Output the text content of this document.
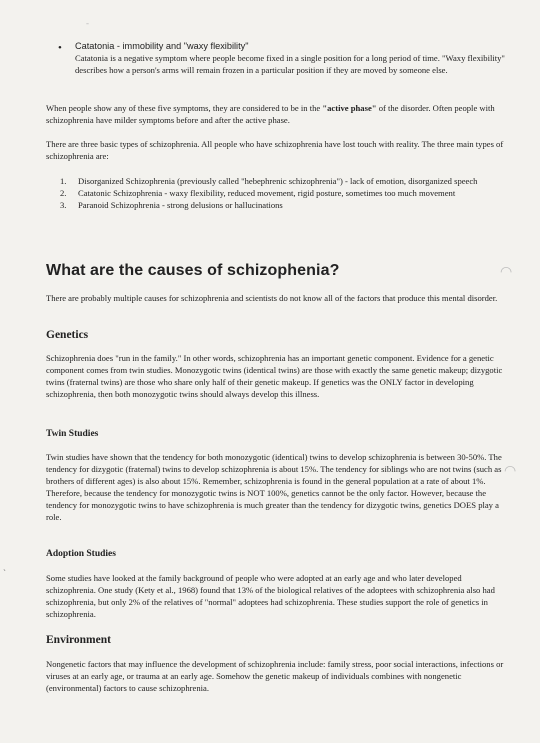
-
• Catatonia - immobility and "waxy flexibility"
Catatonia is a negative symptom where people become fixed in a single position for a long period of time. "Waxy flexibility" describes how a person's arms will remain frozen in a particular position if they are moved by someone else.

When people show any of these five symptoms, they are considered to be in the "active phase" of the disorder. Often people with schizophrenia have milder symptoms before and after the active phase.

There are three basic types of schizophrenia. All people who have schizophrenia have lost touch with reality. The three main types of schizophrenia are:

1. Disorganized Schizophrenia (previously called "hebephrenic schizophrenia") - lack of emotion, disorganized speech
2. Catatonic Schizophrenia - waxy flexibility, reduced movement, rigid posture, sometimes too much movement
3. Paranoid Schizophrenia - strong delusions or hallucinations
What are the causes of schizophenia?	◠

There are probably multiple causes for schizophrenia and scientists do not know all of the factors that produce this mental disorder.

Genetics

Schizophrenia does "run in the family." In other words, schizophrenia has an important genetic component. Evidence for a genetic component comes from twin studies. Monozygotic twins (identical twins) are those with exactly the same genetic makeup; dizygotic twins (fraternal twins) are those who share only half of their genetic makeup. If genetics was the ONLY factor in developing schizophrenia, then both monozygotic twins should always develop this illness.

Twin Studies

Twin studies have shown that the tendency for both monozygotic (identical) twins to develop schizophrenia is between 30-50%. The tendency for dizygotic (fraternal) twins to develop schizophrenia is about 15%. The tendency for siblings who are not twins (such as brothers of different ages) is also about 15%. Remember, schizophrenia is found in the general population at a rate of about 1%. Therefore, because the tendency for monozygotic twins is NOT 100%, genetics cannot be the only factor. However, because the tendency for monozygotic twins to have schizophrenia is much greater than the tendency for dizygotic twins, genetics DOES play a role.

◠
Adoption Studies

Some studies have looked at the family background of people who were adopted at an early age and who later developed schizophrenia. One study (Kety et al., 1968) found that 13% of the biological relatives of the adoptees with schizophrenia also had schizophrenia, but only 2% of the relatives of "normal" adoptees had schizophrenia. These studies support the role of genetics in schizophrenia.

Environment

Nongenetic factors that may influence the development of schizophrenia include: family stress, poor social interactions, infections or viruses at an early age, or trauma at an early age. Somehow the genetic makeup of individuals combines with nongenetic (environmental) factors to cause schizophrenia.

`
